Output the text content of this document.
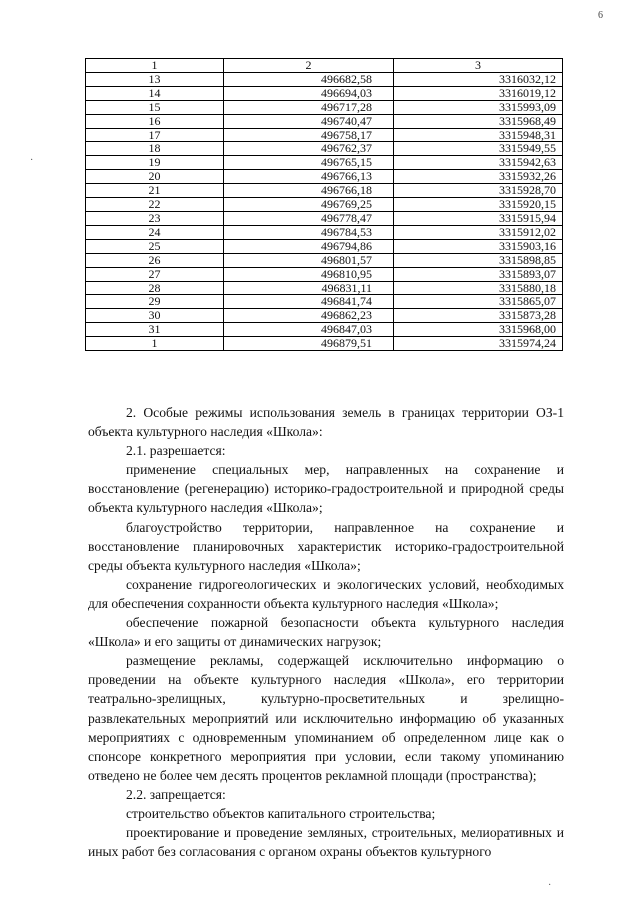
6
·
·
1	2	3
13	496682,58	3316032,12
14	496694,03	3316019,12
15	496717,28	3315993,09
16	496740,47	3315968,49
17	496758,17	3315948,31
18	496762,37	3315949,55
19	496765,15	3315942,63
20	496766,13	3315932,26
21	496766,18	3315928,70
22	496769,25	3315920,15
23	496778,47	3315915,94
24	496784,53	3315912,02
25	496794,86	3315903,16
26	496801,57	3315898,85
27	496810,95	3315893,07
28	496831,11	3315880,18
29	496841,74	3315865,07
30	496862,23	3315873,28
31	496847,03	3315968,00
1	496879,51	3315974,24

2. Особые режимы использования земель в границах территории ОЗ-1 объекта культурного наследия «Школа»:

2.1. разрешается:

применение специальных мер, направленных на сохранение и восстановление (регенерацию) историко-градостроительной и природной среды объекта культурного наследия «Школа»;

благоустройство территории, направленное на сохранение и восстановление планировочных характеристик историко-градостроительной среды объекта культурного наследия «Школа»;

сохранение гидрогеологических и экологических условий, необходимых для обеспечения сохранности объекта культурного наследия «Школа»;

обеспечение пожарной безопасности объекта культурного наследия «Школа» и его защиты от динамических нагрузок;

размещение рекламы, содержащей исключительно информацию о проведении на объекте культурного наследия «Школа», его территории театрально-зрелищных, культурно-просветительных и зрелищно-развлекательных мероприятий или исключительно информацию об указанных мероприятиях с одновременным упоминанием об определенном лице как о спонсоре конкретного мероприятия при условии, если такому упоминанию отведено не более чем десять процентов рекламной площади (пространства);

2.2. запрещается:

строительство объектов капитального строительства;

проектирование и проведение земляных, строительных, мелиоративных и иных работ без согласования с органом охраны объектов культурного
